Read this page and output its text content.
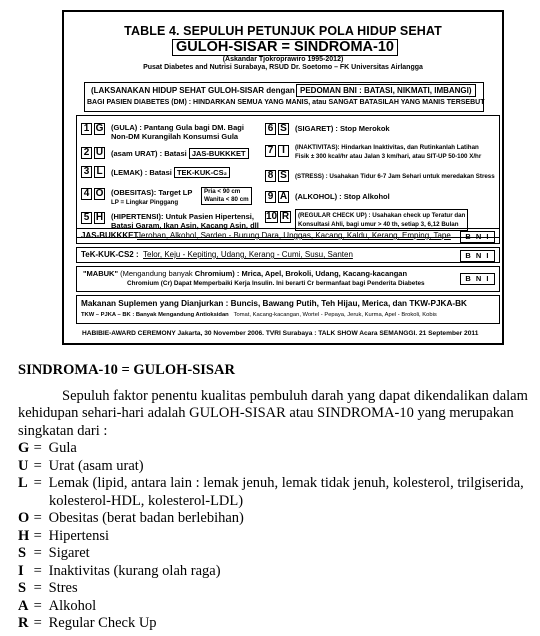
TABLE 4. SEPULUH PETUNJUK POLA HIDUP SEHAT
GULOH-SISAR = SINDROMA-10
(Askandar Tjokroprawiro 1995-2012)
Pusat Diabetes and Nutrisi Surabaya, RSUD Dr. Soetomo – FK Universitas Airlangga
(LAKSANAKAN HIDUP SEHAT GULOH-SISAR dengan PEDOMAN BNI : BATASI, NIKMATI, IMBANGI)
BAGI PASIEN DIABETES (DM) : HINDARKAN SEMUA YANG MANIS, atau SANGAT BATASILAH YANG MANIS TERSEBUT
1 G (GULA) : Pantang Gula bagi DM. Bagi
Non-DM Kurangilah Konsumsi Gula
2 U (asam URAT) : Batasi JAS-BUKKKET
3 L	(LEMAK) : Batasi TEK-KUK-CS₂
4 O (OBESITAS): Target LP
LP = Lingkar Pinggang
Pria < 90 cm
Wanita < 80 cm
5 H (HIPERTENSI): Untuk Pasien Hipertensi,
Batasi Garam, Ikan Asin, Kacang Asin, dll
6 S (SIGARET) : Stop Merokok
7 I	(INAKTIVITAS): Hindarkan Inaktivitas, dan Rutinkanlah Latihan
Fisik ± 300 kcal/hr atau Jalan 3 km/hari, atau SIT-UP 50-100 X/hr
8 S	(STRESS) : Usahakan Tidur 6-7 Jam Sehari untuk meredakan Stress
9 A (ALKOHOL) : Stop Alkohol
10 R	(REGULAR CHECK UP) : Usahakan check up Teratur dan
Konsultasi Ahli, bagi umur > 40 th, setiap 3, 6,12 Bulan
JAS-BUKKKET
Jerohan, Alkohol, Sarden - Burung Dara, Unggas, Kacang, Kaldu, Kerang, Emping, Tape	B N I
TeK-KUK-CS2 : Telor, Keju - Kepiting, Udang, Kerang - Cumi, Susu, Santen	B N I
"MABUK" (Mengandung banyak Chromium) : Mrica, Apel, Brokoli, Udang, Kacang-kacangan
Chromium (Cr) Dapat Memperbaiki Kerja Insulin. Ini berarti Cr bermanfaat bagi Penderita Diabetes
B N I
Makanan Suplemen yang Dianjurkan : Buncis, Bawang Putih, Teh Hijau, Merica, dan TKW-PJKA-BK
TKW – PJKA – BK : Banyak Mengandung Antioksidan Tomat, Kacang-kacangan, Wortel - Pepaya, Jeruk, Kurma, Apel - Brokoli, Kobis
HABIBIE-AWARD CEREMONY Jakarta, 30 November 2006. TVRI Surabaya : TALK SHOW Acara SEMANGGI. 21 September 2011
SINDROMA-10 = GULOH-SISAR

Sepuluh faktor penentu kualitas pembuluh darah yang dapat dikendalikan dalam

kehidupan sehari-hari adalah GULOH-SISAR atau SINDROMA-10 yang merupakan

singkatan dari :

G = Gula
U = Urat (asam urat)
L = Lemak (lipid, antara lain : lemak jenuh, lemak tidak jenuh, kolesterol, trilgiserida,
kolesterol-HDL, kolesterol-LDL)
O = Obesitas (berat badan berlebihan)
H = Hipertensi
S = Sigaret
I = Inaktivitas (kurang olah raga)
S = Stres
A = Alkohol
R = Regular Check Up
